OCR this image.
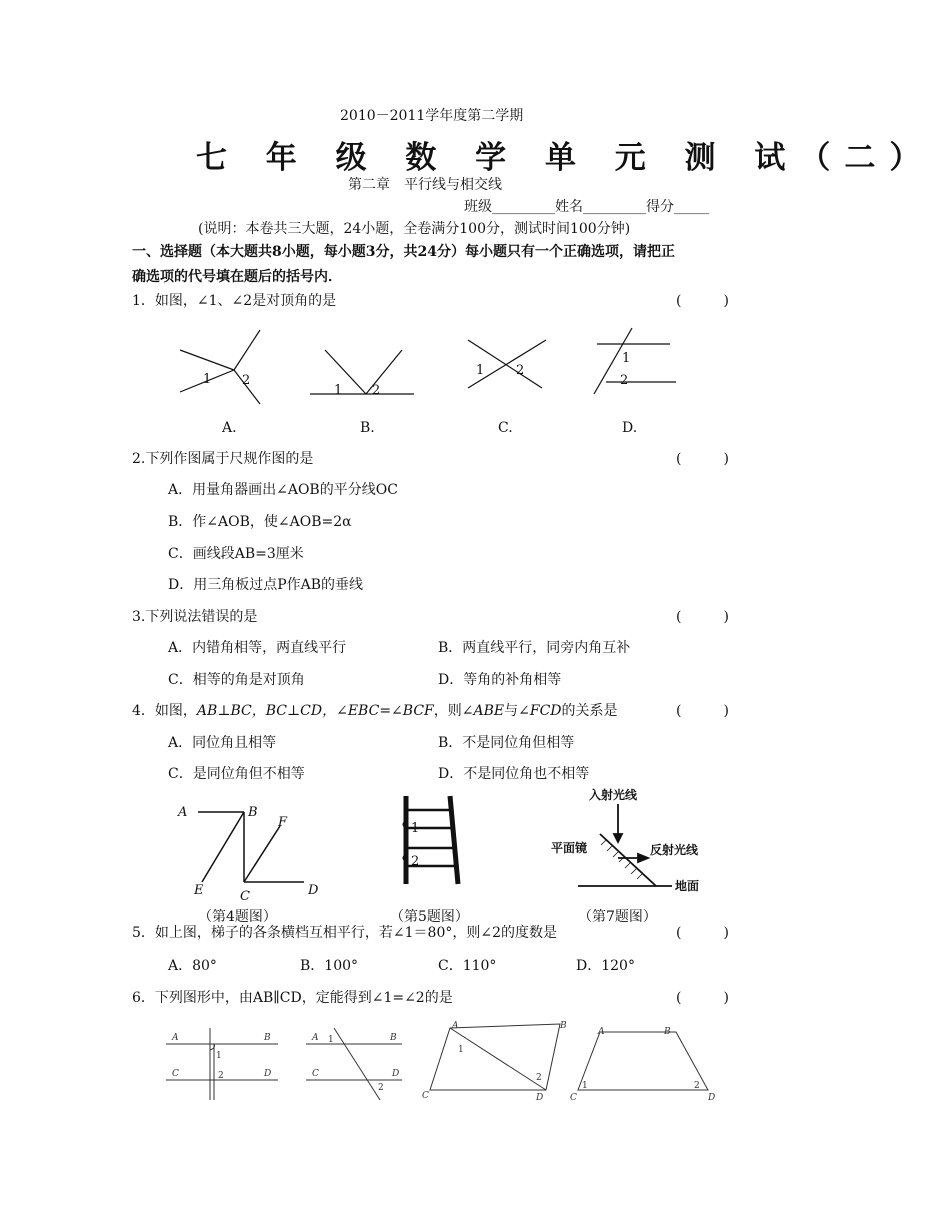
2010－2011学年度第二学期
七 年 级 数 学 单 元 测 试（二）
第二章　平行线与相交线
班级_________姓名_________得分_____
(说明：本卷共三大题，24小题，全卷满分100分，测试时间100分钟)
一、选择题（本大题共8小题，每小题3分，共24分）每小题只有一个正确选项，请把正
确选项的代号填在题后的括号内．
1．如图，∠1、∠2是对顶角的是	(　　　)
1 2
1 2
1 2
1
2
A.	B.	C.	D.
2.下列作图属于尺规作图的是	(　　　)
A．用量角器画出∠AOB的平分线OC
B．作∠AOB，使∠AOB=2α
C．画线段AB=3厘米
D．用三角板过点P作AB的垂线
3.下列说法错误的是	(　　　)
A．内错角相等，两直线平行	B．两直线平行，同旁内角互补
C．相等的角是对顶角	D．等角的补角相等
4．如图，AB⊥BC，BC⊥CD，∠EBC=∠BCF，则∠ABE与∠FCD的关系是	(　　　)
A．同位角且相等	B．不是同位角但相等
C．是同位角但不相等	D．不是同位角也不相等
A	B
F
E	C	D
1
2
入射光线
平面镜	反射光线
地面
（第4题图）	（第5题图）	（第7题图）
5．如上图，梯子的各条横档互相平行，若∠1＝80°，则∠2的度数是	(　　　)
A．80°	B．100°	C．110°	D．120°
6．下列图形中，由AB∥CD，定能得到∠1=∠2的是	(　　　)
A	B
C	D
A	B
C	D
A	B
C	D
A	B
C	D
1
2
1
2
1
2
1	2
